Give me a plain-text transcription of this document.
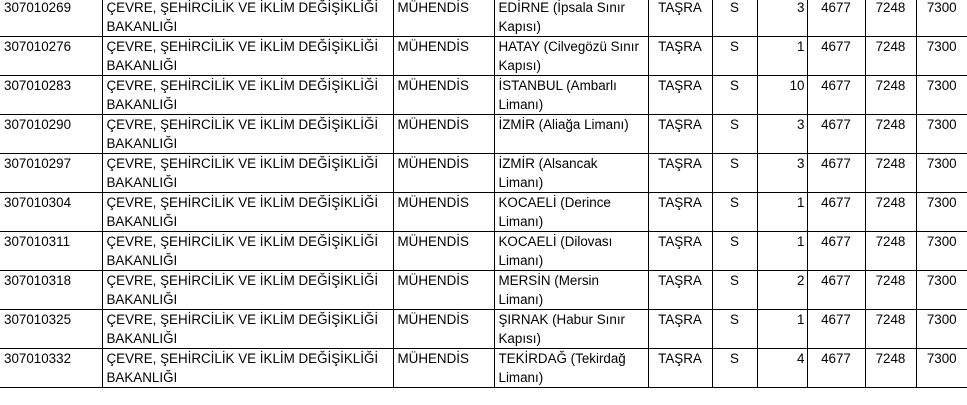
307010269	ÇEVRE, ŞEHİRCİLİK VE İKLİM DEĞİŞİKLİĞİ BAKANLIĞI	MÜHENDİS	EDİRNE (İpsala Sınır Kapısı)	TAŞRA	S	3	4677	7248	7300
307010276	ÇEVRE, ŞEHİRCİLİK VE İKLİM DEĞİŞİKLİĞİ BAKANLIĞI	MÜHENDİS	HATAY (Cilvegözü Sınır Kapısı)	TAŞRA	S	1	4677	7248	7300
307010283	ÇEVRE, ŞEHİRCİLİK VE İKLİM DEĞİŞİKLİĞİ BAKANLIĞI	MÜHENDİS	İSTANBUL (Ambarlı Limanı)	TAŞRA	S	10	4677	7248	7300
307010290	ÇEVRE, ŞEHİRCİLİK VE İKLİM DEĞİŞİKLİĞİ BAKANLIĞI	MÜHENDİS	İZMİR (Aliağa Limanı)	TAŞRA	S	3	4677	7248	7300
307010297	ÇEVRE, ŞEHİRCİLİK VE İKLİM DEĞİŞİKLİĞİ BAKANLIĞI	MÜHENDİS	İZMİR (Alsancak Limanı)	TAŞRA	S	3	4677	7248	7300
307010304	ÇEVRE, ŞEHİRCİLİK VE İKLİM DEĞİŞİKLİĞİ BAKANLIĞI	MÜHENDİS	KOCAELİ (Derince Limanı)	TAŞRA	S	1	4677	7248	7300
307010311	ÇEVRE, ŞEHİRCİLİK VE İKLİM DEĞİŞİKLİĞİ BAKANLIĞI	MÜHENDİS	KOCAELİ (Dilovası Limanı)	TAŞRA	S	1	4677	7248	7300
307010318	ÇEVRE, ŞEHİRCİLİK VE İKLİM DEĞİŞİKLİĞİ BAKANLIĞI	MÜHENDİS	MERSİN (Mersin Limanı)	TAŞRA	S	2	4677	7248	7300
307010325	ÇEVRE, ŞEHİRCİLİK VE İKLİM DEĞİŞİKLİĞİ BAKANLIĞI	MÜHENDİS	ŞIRNAK (Habur Sınır Kapısı)	TAŞRA	S	1	4677	7248	7300
307010332	ÇEVRE, ŞEHİRCİLİK VE İKLİM DEĞİŞİKLİĞİ BAKANLIĞI	MÜHENDİS	TEKİRDAĞ (Tekirdağ Limanı)	TAŞRA	S	4	4677	7248	7300
